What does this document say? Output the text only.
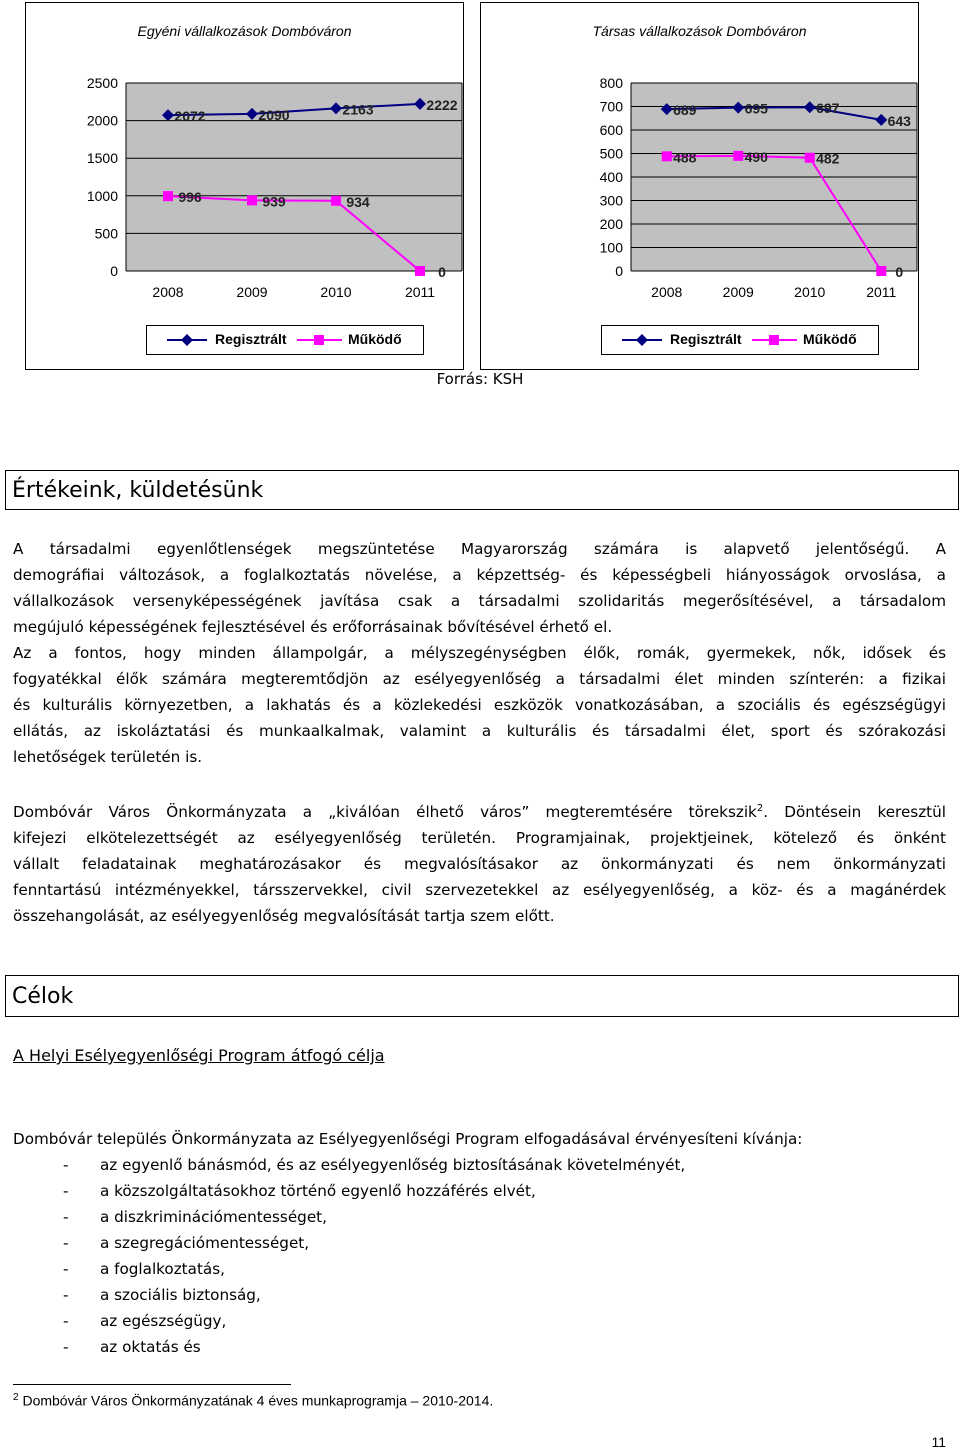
Egyéni vállalkozások Dombóváron
0
500
1000
1500
2000
2500
2008	2009	2010	2011
2072	2090	2163	2222
996	939	934
0
Regisztrált	Működő
Társas vállalkozások Dombóváron
0
100
200
300
400
500
600
700
800
2008	2009	2010	2011
689	695	697
643
488	490	482
0
Regisztrált	Működő
Forrás: KSH
Értékeink, küldetésünk
A társadalmi egyenlőtlenségek megszüntetése Magyarország számára is alapvető jelentőségű. A
demográfiai változások, a foglalkoztatás növelése, a képzettség- és képességbeli hiányosságok orvoslása, a
vállalkozások versenyképességének javítása csak a társadalmi szolidaritás megerősítésével, a társadalom
megújuló képességének fejlesztésével és erőforrásainak bővítésével érhető el.
Az a fontos, hogy minden állampolgár, a mélyszegénységben élők, romák, gyermekek, nők, idősek és
fogyatékkal élők számára megteremtődjön az esélyegyenlőség a társadalmi élet minden színterén: a fizikai
és kulturális környezetben, a lakhatás és a közlekedési eszközök vonatkozásában, a szociális és egészségügyi
ellátás, az iskoláztatási és munkaalkalmak, valamint a kulturális és társadalmi élet, sport és szórakozási
lehetőségek területén is.
Dombóvár Város Önkormányzata a „kiválóan élhető város” megteremtésére törekszik$^2$. Döntésein keresztül
kifejezi elkötelezettségét az esélyegyenlőség területén. Programjainak, projektjeinek, kötelező és önként
vállalt feladatainak meghatározásakor és megvalósításakor az önkormányzati és nem önkormányzati
fenntartású intézményekkel, társszervekkel, civil szervezetekkel az esélyegyenlőség, a köz- és a magánérdek
összehangolását, az esélyegyenlőség megvalósítását tartja szem előtt.
Célok
A Helyi Esélyegyenlőségi Program átfogó célja
Dombóvár település Önkormányzata az Esélyegyenlőségi Program elfogadásával érvényesíteni kívánja:
- az egyenlő bánásmód, és az esélyegyenlőség biztosításának követelményét,
- a közszolgáltatásokhoz történő egyenlő hozzáférés elvét,
- a diszkriminációmentességet,
- a szegregációmentességet,
- a foglalkoztatás,
- a szociális biztonság,
- az egészségügy,
- az oktatás és
$^2$ Dombóvár Város Önkormányzatának 4 éves munkaprogramja – 2010-2014.
11
